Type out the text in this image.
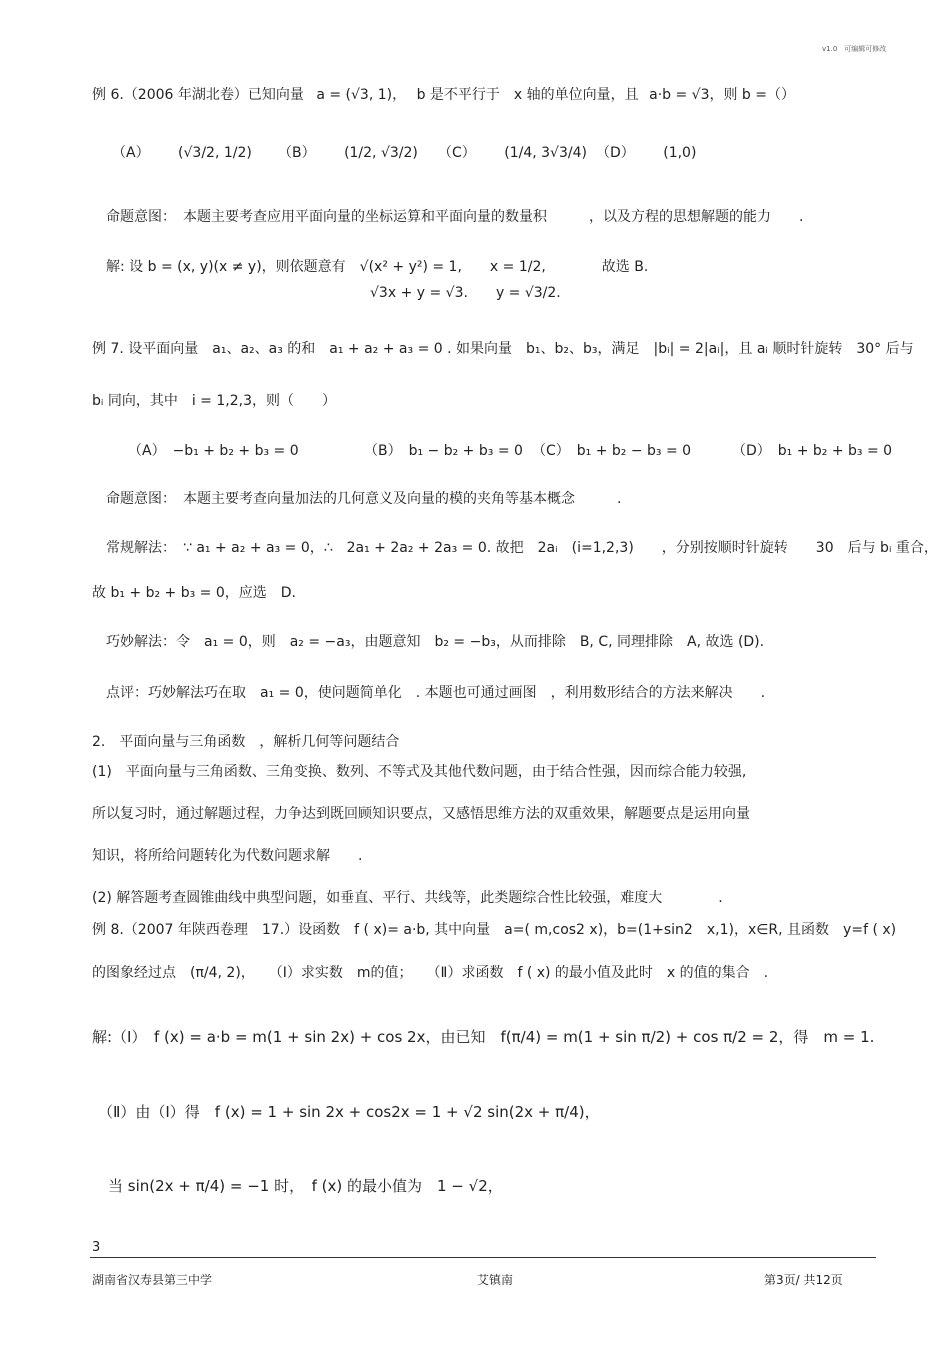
v1.0　可编辑可修改
例 6.（2006 年湖北卷）已知向量 a = (√3, 1)， b 是不平行于　x 轴的单位向量，且 a·b = √3，则 b =（）
（A） (√3/2, 1/2) （B） (1/2, √3/2) （C） (1/4, 3√3/4) （D） (1,0)
命题意图：　本题主要考查应用平面向量的坐标运算和平面向量的数量积　　　，以及方程的思想解题的能力　　.
解: 设 b = (x, y)(x ≠ y)，则依题意有　√(x² + y²) = 1,　　x = 1/2,　　　　故选 B.
√3x + y = √3.　　y = √3/2.
例 7. 设平面向量　a₁、a₂、a₃ 的和　a₁ + a₂ + a₃ = 0 . 如果向量　b₁、b₂、b₃，满足　|bᵢ| = 2|aᵢ|，且 aᵢ 顺时针旋转　30° 后与
bᵢ 同向，其中　i = 1,2,3，则（　　）
（A）　−b₁ + b₂ + b₃ = 0	（B）　b₁ − b₂ + b₃ = 0 （C）　b₁ + b₂ − b₃ = 0	（D）　b₁ + b₂ + b₃ = 0
命题意图：　本题主要考查向量加法的几何意义及向量的模的夹角等基本概念　　　.
常规解法：　∵ a₁ + a₂ + a₃ = 0，∴　2a₁ + 2a₂ + 2a₃ = 0. 故把　2aᵢ　(i=1,2,3)　　，分别按顺时针旋转　　30　后与 bᵢ 重合，
故 b₁ + b₂ + b₃ = 0，应选　D.
巧妙解法：令　a₁ = 0，则　a₂ = −a₃，由题意知　b₂ = −b₃，从而排除　B, C, 同理排除　A, 故选 (D).
点评：巧妙解法巧在取　a₁ = 0，使问题简单化　. 本题也可通过画图　，利用数形结合的方法来解决　　.
2.　平面向量与三角函数　，解析几何等问题结合
(1)　平面向量与三角函数、三角变换、数列、不等式及其他代数问题，由于结合性强，因而综合能力较强,
所以复习时，通过解题过程，力争达到既回顾知识要点，又感悟思维方法的双重效果，解题要点是运用向量
知识，将所给问题转化为代数问题求解　　.
(2) 解答题考查圆锥曲线中典型问题，如垂直、平行、共线等，此类题综合性比较强，难度大　　　　.
例 8.（2007 年陕西卷理　17.）设函数　f ( x)= a·b, 其中向量　a=( m,cos2 x)，b=(1+sin2　x,1)，x∈R, 且函数　y=f ( x)
的图象经过点　(π/4, 2)，　　（Ⅰ）求实数　m的值；　　（Ⅱ）求函数　f ( x) 的最小值及此时　x 的值的集合　.
解:（Ⅰ）　f (x) = a·b = m(1 + sin 2x) + cos 2x，由已知　f(π/4) = m(1 + sin π/2) + cos π/2 = 2，得　m = 1.
（Ⅱ）由（Ⅰ）得　f (x) = 1 + sin 2x + cos2x = 1 + √2 sin(2x + π/4)，
当 sin(2x + π/4) = −1 时，　f (x) 的最小值为　1 − √2，
3
湖南省汉寿县第三中学	艾镇南	第3页/ 共12页
